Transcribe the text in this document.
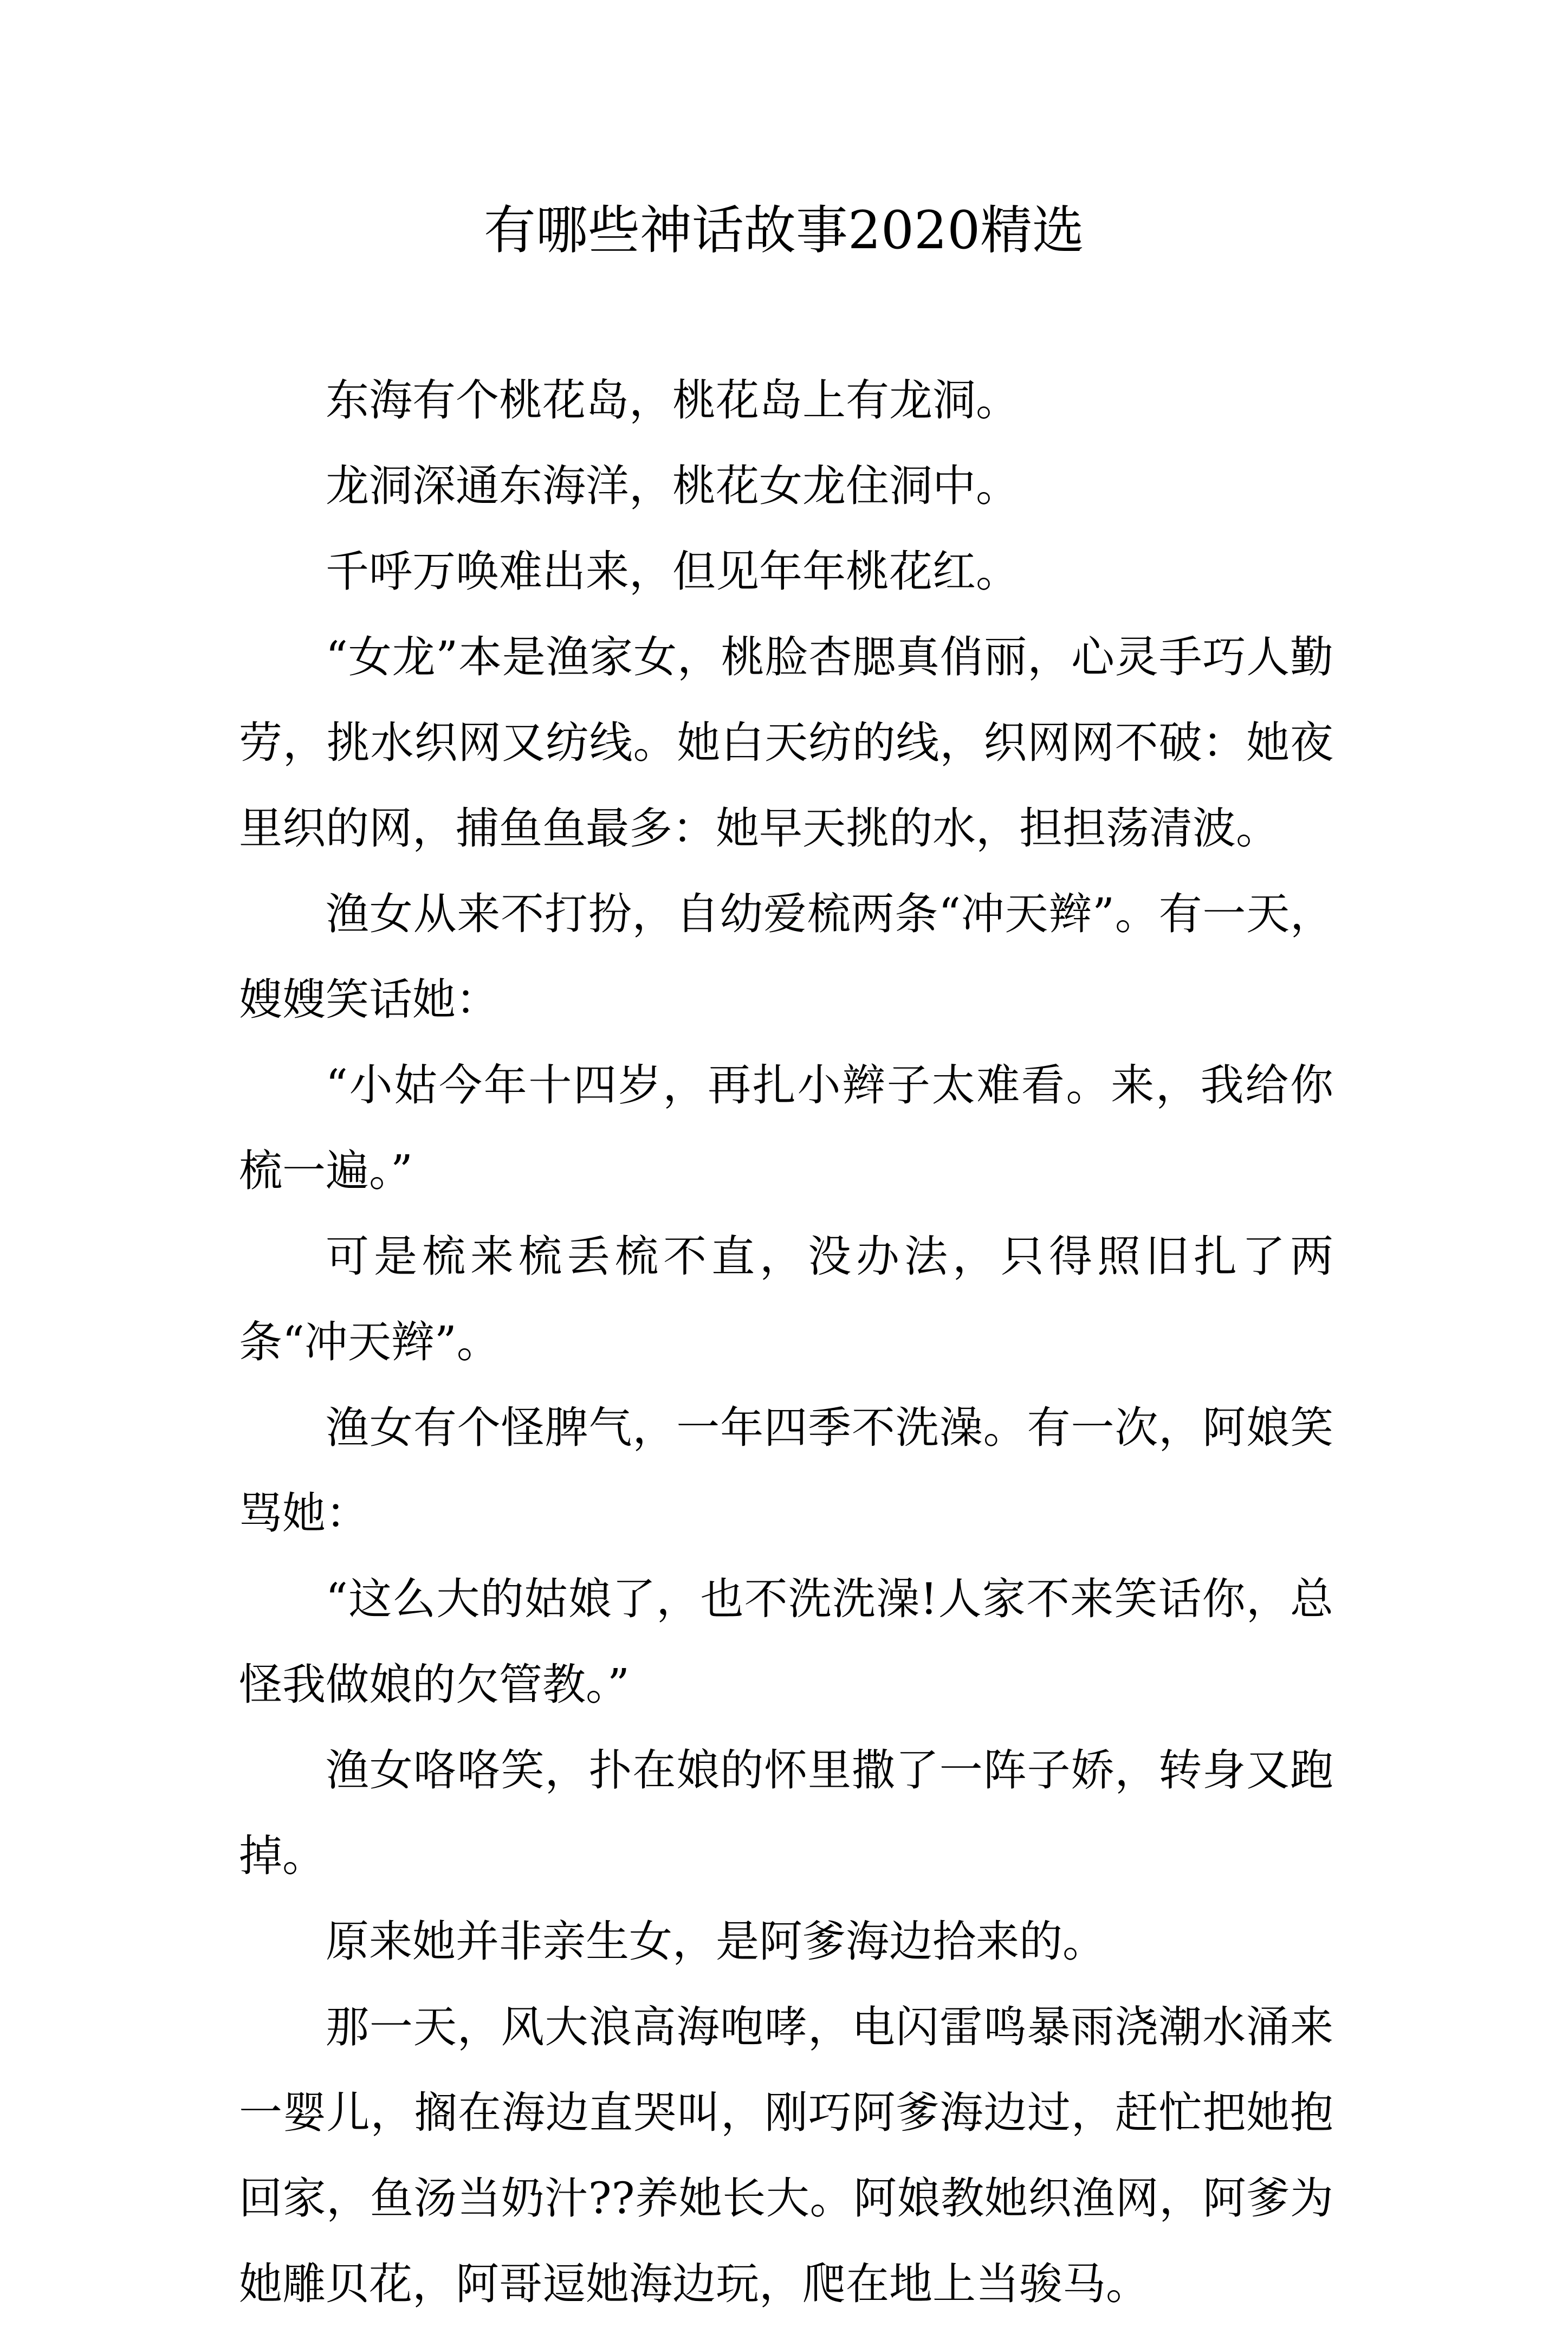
有哪些神话故事2020精选

东海有个桃花岛，桃花岛上有龙洞。

龙洞深通东海洋，桃花女龙住洞中。

千呼万唤难出来，但见年年桃花红。

“女龙”本是渔家女，桃脸杏腮真俏丽，心灵手巧人勤劳，挑水织网又纺线。她白天纺的线，织网网不破：她夜里织的网，捕鱼鱼最多：她早天挑的水，担担荡清波。

渔女从来不打扮，自幼爱梳两条“冲天辫”。有一天，嫂嫂笑话她：

“小姑今年十四岁，再扎小辫子太难看。来，我给你梳一遍。”

可是梳来梳丢梳不直，没办法，只得照旧扎了两条“冲天辫”。

渔女有个怪脾气，一年四季不洗澡。有一次，阿娘笑骂她：

“这么大的姑娘了，也不洗洗澡!人家不来笑话你，总怪我做娘的欠管教。”

渔女咯咯笑，扑在娘的怀里撒了一阵子娇，转身又跑掉。

原来她并非亲生女，是阿爹海边拾来的。

那一天，风大浪高海咆哮，电闪雷鸣暴雨浇潮水涌来一婴儿，搁在海边直哭叫，刚巧阿爹海边过，赶忙把她抱回家，鱼汤当奶汁??养她长大。阿娘教她织渔网，阿爹为她雕贝花，阿哥逗她海边玩，爬在地上当骏马。
